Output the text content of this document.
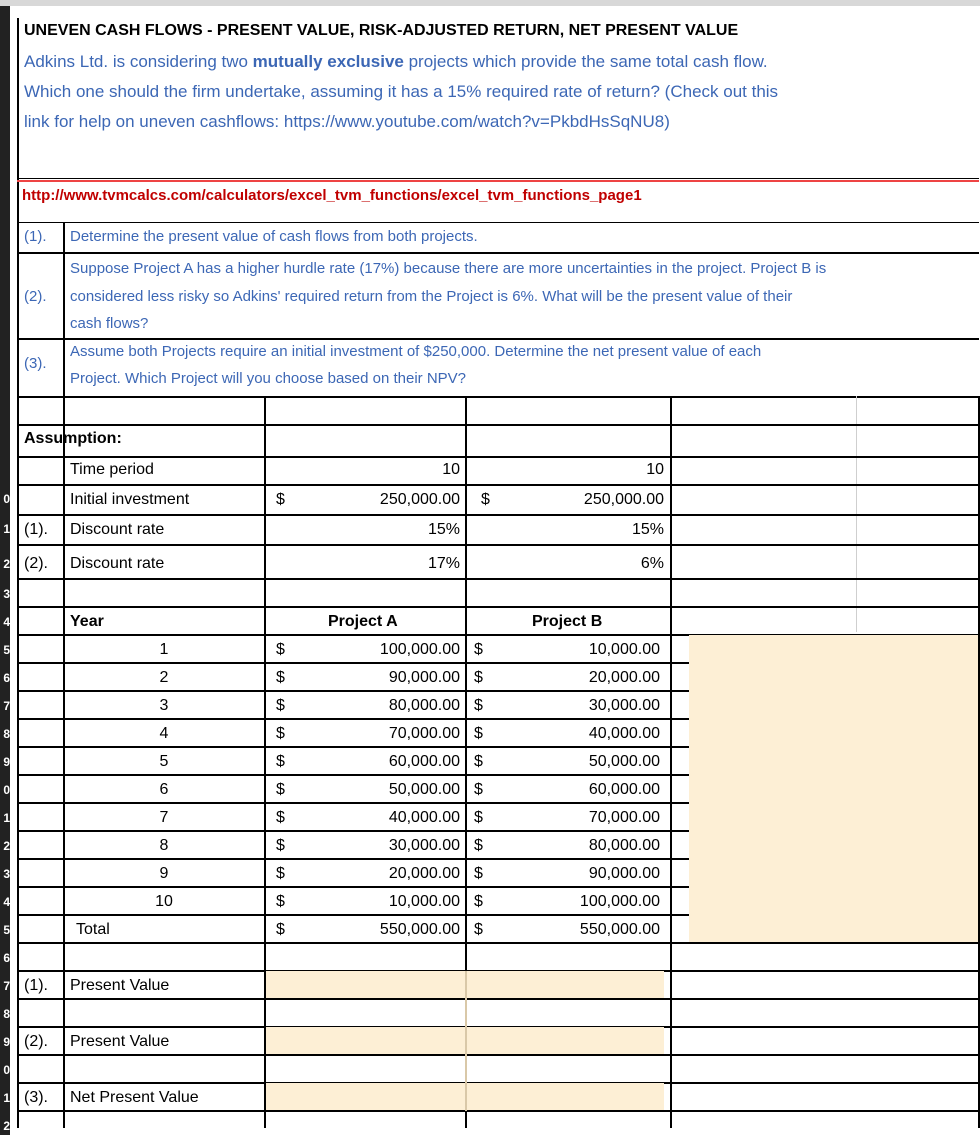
UNEVEN CASH FLOWS - PRESENT VALUE, RISK-ADJUSTED RETURN, NET PRESENT VALUE
Adkins Ltd. is considering two mutually exclusive projects which provide the same total cash flow.
Which one should the firm undertake, assuming it has a 15% required rate of return? (Check out this
link for help on uneven cashflows: https://www.youtube.com/watch?v=PkbdHsSqNU8)
http://www.tvmcalcs.com/calculators/excel_tvm_functions/excel_tvm_functions_page1
(1). Determine the present value of cash flows from both projects.
(2).
Suppose Project A has a higher hurdle rate (17%) because there are more uncertainties in the project. Project B is
considered less risky so Adkins' required return from the Project is 6%. What will be the present value of their
cash flows?
(3).
Assume both Projects require an initial investment of $250,000. Determine the net present value of each
Project. Which Project will you choose based on their NPV?
Assumption:
Time period	10	10
Initial investment	$	250,000.00 $	250,000.00
(1). Discount rate	15%	15%
(2). Discount rate	17%	6%
Year	Project A	Project B
1	$	100,000.00 $	10,000.00
2	$	90,000.00 $	20,000.00
3	$	80,000.00 $	30,000.00
4	$	70,000.00 $	40,000.00
5	$	60,000.00 $	50,000.00
6	$	50,000.00 $	60,000.00
7	$	40,000.00 $	70,000.00
8	$	30,000.00 $	80,000.00
9	$	20,000.00 $	90,000.00
10	$	10,000.00 $	100,000.00
Total	$	550,000.00 $	550,000.00
(1). Present Value
(2). Present Value
(3). Net Present Value
0
1
2
3
4
5
6
7
8
9
0
1
2
3
4
5
6
7
8
9
0
1
2
